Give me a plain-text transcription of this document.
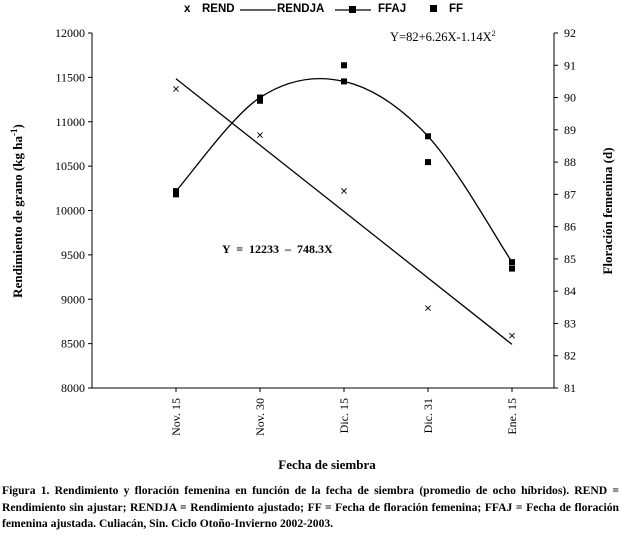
x REND	RENDJA	FFAJ	FF
8000
8500
9000
9500
10000
10500
11000
11500
12000
81
82
83
84
85
86
87
88
89
90
91
92
Nov. 15	Nov. 30	Dic. 15	Dic. 31	Ene. 15
$Y=82+6.26X-1.14X^2$
Y  =  12233  –  748.3X
Fecha de siembra
Rendimiento de grano (kg $ha^{-1}$)
Floración femenina (d)
Figura 1. Rendimiento y floración femenina en función de la fecha de siembra (promedio de ocho híbridos). REND = Rendimiento sin ajustar; RENDJA = Rendimiento ajustado; FF = Fecha de floración femenina; FFAJ = Fecha de floración femenina ajustada. Culiacán, Sin. Ciclo Otoño-Invierno 2002-2003.
